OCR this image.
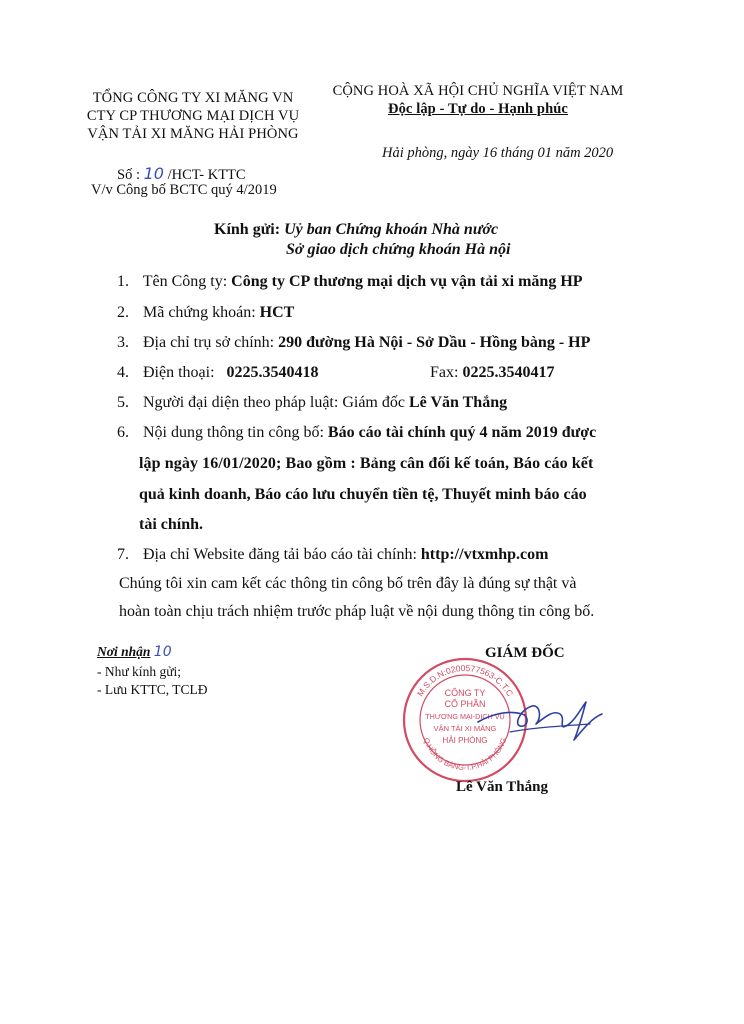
TỔNG CÔNG TY XI MĂNG VN
CTY CP THƯƠNG MẠI DỊCH VỤ
VẬN TẢI XI MĂNG HẢI PHÒNG
CỘNG HOÀ XÃ HỘI CHỦ NGHĨA VIỆT NAM
Độc lập - Tự do - Hạnh phúc
Số : 10 /HCT- KTTC
V/v Công bố BCTC quý 4/2019
Hải phòng, ngày 16 tháng 01 năm 2020
Kính gửi: Uỷ ban Chứng khoán Nhà nước
Sở giao dịch chứng khoán Hà nội
1. Tên Công ty: Công ty CP thương mại dịch vụ vận tải xi măng HP
2. Mã chứng khoán: HCT
3. Địa chỉ trụ sở chính: 290 đường Hà Nội - Sở Dầu - Hồng bàng - HP
4. Điện thoại: 0225.3540418	Fax: 0225.3540417
5. Người đại diện theo pháp luật: Giám đốc Lê Văn Thắng
6. Nội dung thông tin công bố: Báo cáo tài chính quý 4 năm 2019 được
lập ngày 16/01/2020; Bao gồm : Bảng cân đối kế toán, Báo cáo kết
quả kinh doanh, Báo cáo lưu chuyển tiền tệ, Thuyết minh báo cáo
tài chính.
7. Địa chỉ Website đăng tải báo cáo tài chính: http://vtxmhp.com
Chúng tôi xin cam kết các thông tin công bố trên đây là đúng sự thật và
hoàn toàn chịu trách nhiệm trước pháp luật về nội dung thông tin công bố.
Nơi nhận 10
- Như kính gửi;
- Lưu KTTC, TCLĐ
GIÁM ĐỐC
M.S.D.N:0200577563-C.T.C
Q.HỒNG BÀNG-T.P.HẢI PHÒNG
CÔNG TY
CỔ PHẦN
THƯƠNG MẠI-DỊCH VỤ
VẬN TẢI XI MĂNG
HẢI PHÒNG
Lê Văn Thắng
